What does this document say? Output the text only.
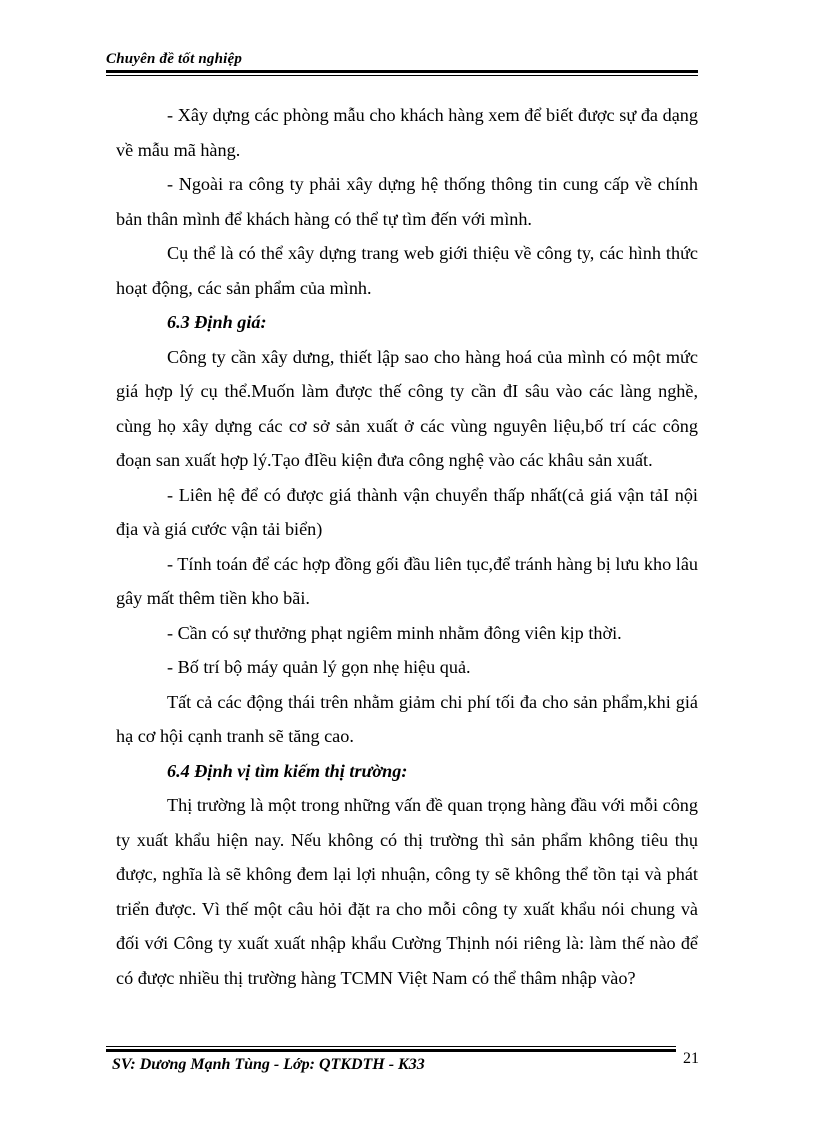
Chuyên đề tốt nghiệp

- Xây dựng các phòng mẫu cho khách hàng xem để biết được sự đa dạng về mẫu mã hàng.

- Ngoài ra công ty phải xây dựng hệ thống thông tin cung cấp về chính bản thân mình để khách hàng có thể tự tìm đến với mình.

Cụ thể là có thể xây dựng trang web giới thiệu về công ty, các hình thức hoạt động, các sản phẩm của mình.

6.3 Định giá:

Công ty cần xây dưng, thiết lập sao cho hàng hoá của mình có một mức giá hợp lý cụ thể.Muốn làm được thế công ty cần đI sâu vào các làng nghề, cùng họ xây dựng các cơ sở sản xuất ở các vùng nguyên liệu,bố trí các công đoạn san xuất hợp lý.Tạo đIều kiện đưa công nghệ vào các khâu sản xuất.

- Liên hệ để có được giá thành vận chuyển thấp nhất(cả giá vận tảI nội địa và giá cước vận tải biển)

- Tính toán để các hợp đồng gối đầu liên tục,để tránh hàng bị lưu kho lâu gây mất thêm tiền kho bãi.

- Cần có sự thưởng phạt ngiêm minh nhằm đông viên kịp thời.

- Bố trí bộ máy quản lý gọn nhẹ hiệu quả.

Tất cả các động thái trên nhằm giảm chi phí tối đa cho sản phẩm,khi giá hạ cơ hội cạnh tranh sẽ tăng cao.

6.4 Định vị tìm kiếm thị trường:

Thị trường là một trong những vấn đề quan trọng hàng đầu với mỗi công ty xuất khẩu hiện nay. Nếu không có thị trường thì sản phẩm không tiêu thụ được, nghĩa là sẽ không đem lại lợi nhuận, công ty sẽ không thể tồn tại và phát triển được. Vì thế một câu hỏi đặt ra cho mỗi công ty xuất khẩu nói chung và đối với Công ty xuất xuất nhập khẩu Cường Thịnh nói riêng là: làm thế nào để có được nhiều thị trường hàng TCMN Việt Nam có thể thâm nhập vào?

SV: Dương Mạnh Tùng - Lớp: QTKDTH - K33	21
